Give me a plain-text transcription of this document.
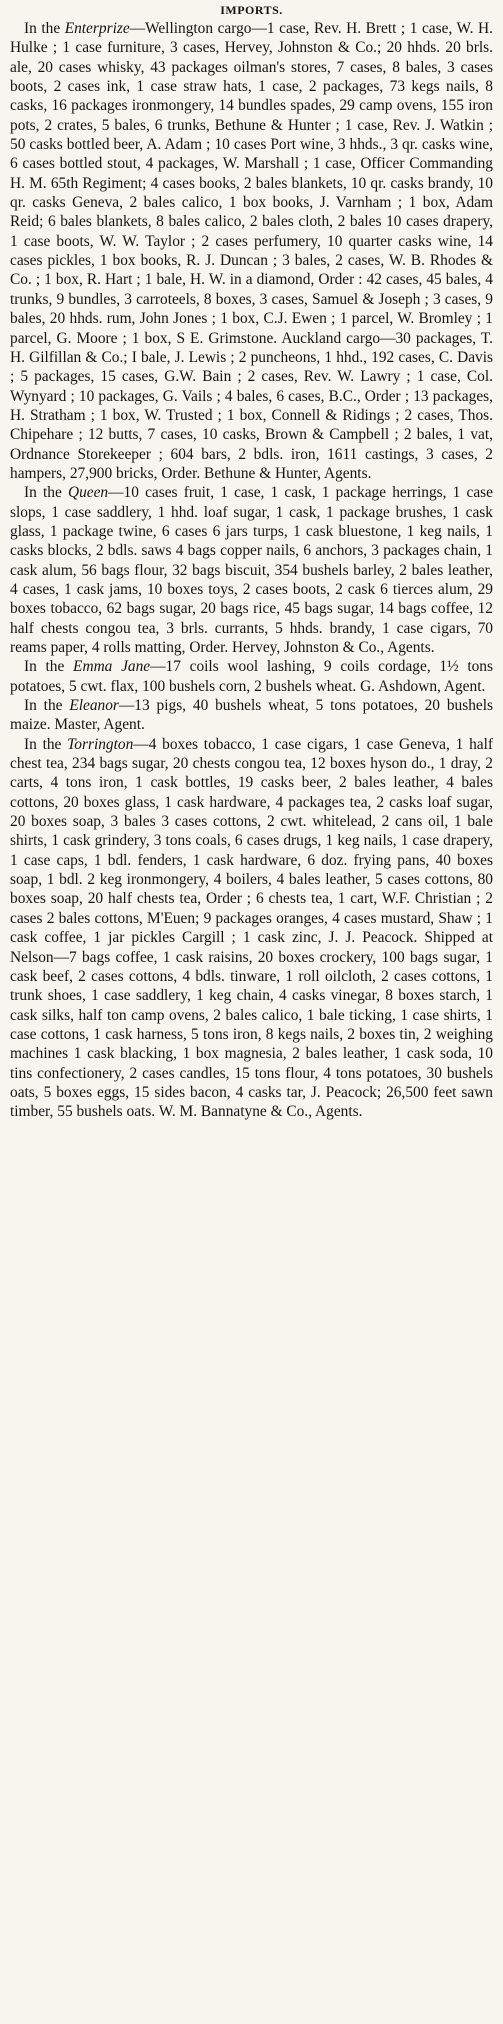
IMPORTS.

In the Enterprize—Wellington cargo—1 case, Rev. H. Brett ; 1 case, W. H. Hulke ; 1 case furniture, 3 cases, Hervey, Johnston & Co.; 20 hhds. 20 brls. ale, 20 cases whisky, 43 packages oilman's stores, 7 cases, 8 bales, 3 cases boots, 2 cases ink, 1 case straw hats, 1 case, 2 packages, 73 kegs nails, 8 casks, 16 packages ironmongery, 14 bundles spades, 29 camp ovens, 155 iron pots, 2 crates, 5 bales, 6 trunks, Bethune & Hunter ; 1 case, Rev. J. Watkin ; 50 casks bottled beer, A. Adam ; 10 cases Port wine, 3 hhds., 3 qr. casks wine, 6 cases bottled stout, 4 packages, W. Marshall ; 1 case, Officer Commanding H. M. 65th Regiment; 4 cases books, 2 bales blankets, 10 qr. casks brandy, 10 qr. casks Geneva, 2 bales calico, 1 box books, J. Varnham ; 1 box, Adam Reid; 6 bales blankets, 8 bales calico, 2 bales cloth, 2 bales 10 cases drapery, 1 case boots, W. W. Taylor ; 2 cases perfumery, 10 quarter casks wine, 14 cases pickles, 1 box books, R. J. Duncan ; 3 bales, 2 cases, W. B. Rhodes & Co. ; 1 box, R. Hart ; 1 bale, H. W. in a diamond, Order : 42 cases, 45 bales, 4 trunks, 9 bundles, 3 carroteels, 8 boxes, 3 cases, Samuel & Joseph ; 3 cases, 9 bales, 20 hhds. rum, John Jones ; 1 box, C.J. Ewen ; 1 parcel, W. Bromley ; 1 parcel, G. Moore ; 1 box, S E. Grimstone. Auckland cargo—30 packages, T. H. Gilfillan & Co.; I bale, J. Lewis ; 2 puncheons, 1 hhd., 192 cases, C. Davis ; 5 packages, 15 cases, G.W. Bain ; 2 cases, Rev. W. Lawry ; 1 case, Col. Wynyard ; 10 packages, G. Vails ; 4 bales, 6 cases, B.C., Order ; 13 packages, H. Stratham ; 1 box, W. Trusted ; 1 box, Connell & Ridings ; 2 cases, Thos. Chipehare ; 12 butts, 7 cases, 10 casks, Brown & Campbell ; 2 bales, 1 vat, Ordnance Storekeeper ; 604 bars, 2 bdls. iron, 1611 castings, 3 cases, 2 hampers, 27,900 bricks, Order. Bethune & Hunter, Agents.

In the Queen—10 cases fruit, 1 case, 1 cask, 1 package herrings, 1 case slops, 1 case saddlery, 1 hhd. loaf sugar, 1 cask, 1 package brushes, 1 cask glass, 1 package twine, 6 cases 6 jars turps, 1 cask bluestone, 1 keg nails, 1 casks blocks, 2 bdls. saws 4 bags copper nails, 6 anchors, 3 packages chain, 1 cask alum, 56 bags flour, 32 bags biscuit, 354 bushels barley, 2 bales leather, 4 cases, 1 cask jams, 10 boxes toys, 2 cases boots, 2 cask 6 tierces alum, 29 boxes tobacco, 62 bags sugar, 20 bags rice, 45 bags sugar, 14 bags coffee, 12 half chests congou tea, 3 brls. currants, 5 hhds. brandy, 1 case cigars, 70 reams paper, 4 rolls matting, Order. Hervey, Johnston & Co., Agents.

In the Emma Jane—17 coils wool lashing, 9 coils cordage, 1½ tons potatoes, 5 cwt. flax, 100 bushels corn, 2 bushels wheat. G. Ashdown, Agent.

In the Eleanor—13 pigs, 40 bushels wheat, 5 tons potatoes, 20 bushels maize. Master, Agent.

In the Torrington—4 boxes tobacco, 1 case cigars, 1 case Geneva, 1 half chest tea, 234 bags sugar, 20 chests congou tea, 12 boxes hyson do., 1 dray, 2 carts, 4 tons iron, 1 cask bottles, 19 casks beer, 2 bales leather, 4 bales cottons, 20 boxes glass, 1 cask hardware, 4 packages tea, 2 casks loaf sugar, 20 boxes soap, 3 bales 3 cases cottons, 2 cwt. whitelead, 2 cans oil, 1 bale shirts, 1 cask grindery, 3 tons coals, 6 cases drugs, 1 keg nails, 1 case drapery, 1 case caps, 1 bdl. fenders, 1 cask hardware, 6 doz. frying pans, 40 boxes soap, 1 bdl. 2 keg ironmongery, 4 boilers, 4 bales leather, 5 cases cottons, 80 boxes soap, 20 half chests tea, Order ; 6 chests tea, 1 cart, W.F. Christian ; 2 cases 2 bales cottons, M'Euen; 9 packages oranges, 4 cases mustard, Shaw ; 1 cask coffee, 1 jar pickles Cargill ; 1 cask zinc, J. J. Peacock. Shipped at Nelson—7 bags coffee, 1 cask raisins, 20 boxes crockery, 100 bags sugar, 1 cask beef, 2 cases cottons, 4 bdls. tinware, 1 roll oilcloth, 2 cases cottons, 1 trunk shoes, 1 case saddlery, 1 keg chain, 4 casks vinegar, 8 boxes starch, 1 cask silks, half ton camp ovens, 2 bales calico, 1 bale ticking, 1 case shirts, 1 case cottons, 1 cask harness, 5 tons iron, 8 kegs nails, 2 boxes tin, 2 weighing machines 1 cask blacking, 1 box magnesia, 2 bales leather, 1 cask soda, 10 tins confectionery, 2 cases candles, 15 tons flour, 4 tons potatoes, 30 bushels oats, 5 boxes eggs, 15 sides bacon, 4 casks tar, J. Peacock; 26,500 feet sawn timber, 55 bushels oats. W. M. Bannatyne & Co., Agents.
